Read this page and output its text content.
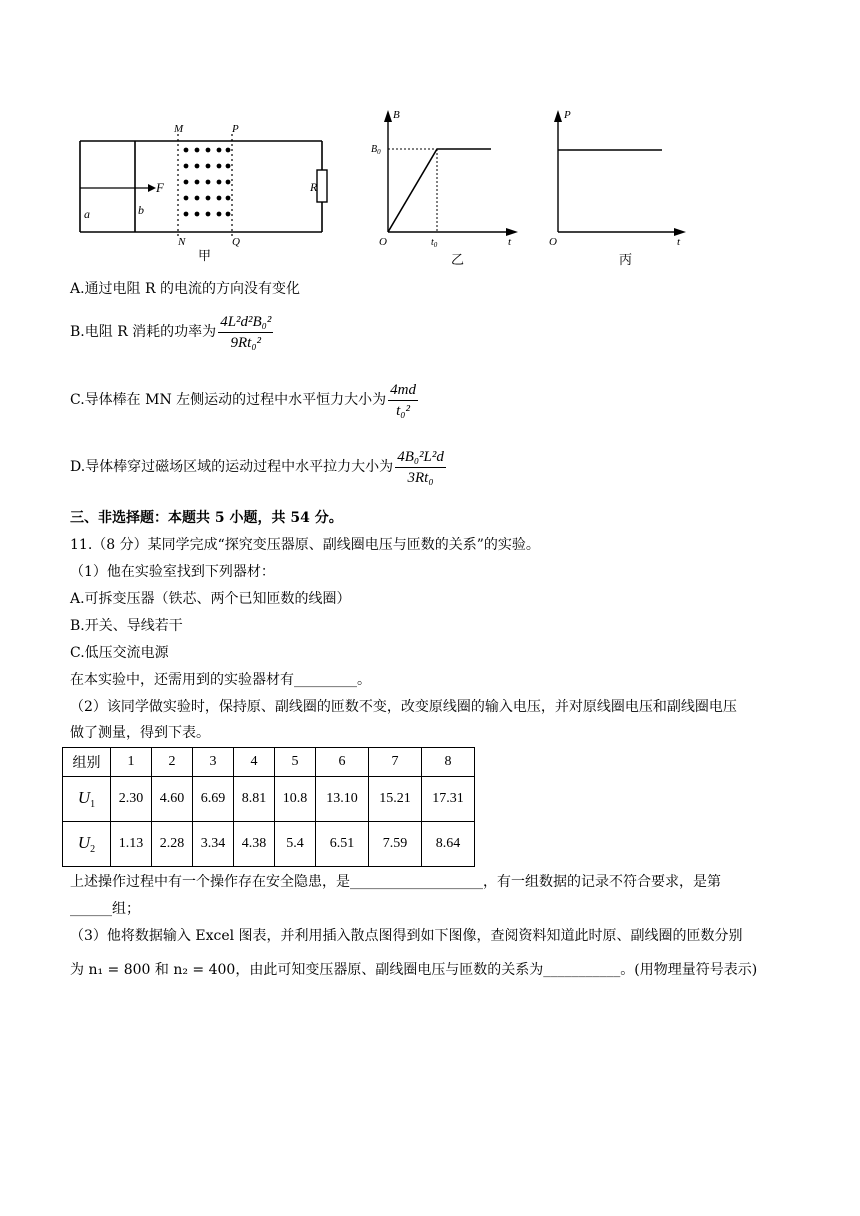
M	P
N	Q
F	R
a	b
甲
B
t
O
$B_0$
$t_0$
乙
P
t
O
丙
A.通过电阻 R 的电流的方向没有变化
B.电阻 R 消耗的功率为 $\frac{\text{4L²d²B₀²}}{\text{9Rt₀²}}$
C.导体棒在 MN 左侧运动的过程中水平恒力大小为 $\frac{4md}{\text{t₀²}}$
D.导体棒穿过磁场区域的运动过程中水平拉力大小为 $\frac{\text{4B₀²L²d}}{\text{3Rt₀}}$
三、非选择题：本题共 5 小题，共 54 分。
11.（8 分）某同学完成“探究变压器原、副线圈电压与匝数的关系”的实验。
（1）他在实验室找到下列器材：
A.可拆变压器（铁芯、两个已知匝数的线圈）
B.开关、导线若干
C.低压交流电源
在本实验中，还需用到的实验器材有_________。
（2）该同学做实验时，保持原、副线圈的匝数不变，改变原线圈的输入电压，并对原线圈电压和副线圈电压
做了测量，得到下表。
组别	1	2	3	4	5	6	7	8
$U_1$	2.30	4.60	6.69	8.81	10.8	13.10	15.21	17.31
$U_2$	1.13	2.28	3.34	4.38	5.4	6.51	7.59	8.64
上述操作过程中有一个操作存在安全隐患，是___________________，有一组数据的记录不符合要求，是第
______组；
（3）他将数据输入 Excel 图表，并利用插入散点图得到如下图像，查阅资料知道此时原、副线圈的匝数分别
为 n₁ = 800 和 n₂ = 400，由此可知变压器原、副线圈电压与匝数的关系为___________。(用物理量符号表示)
